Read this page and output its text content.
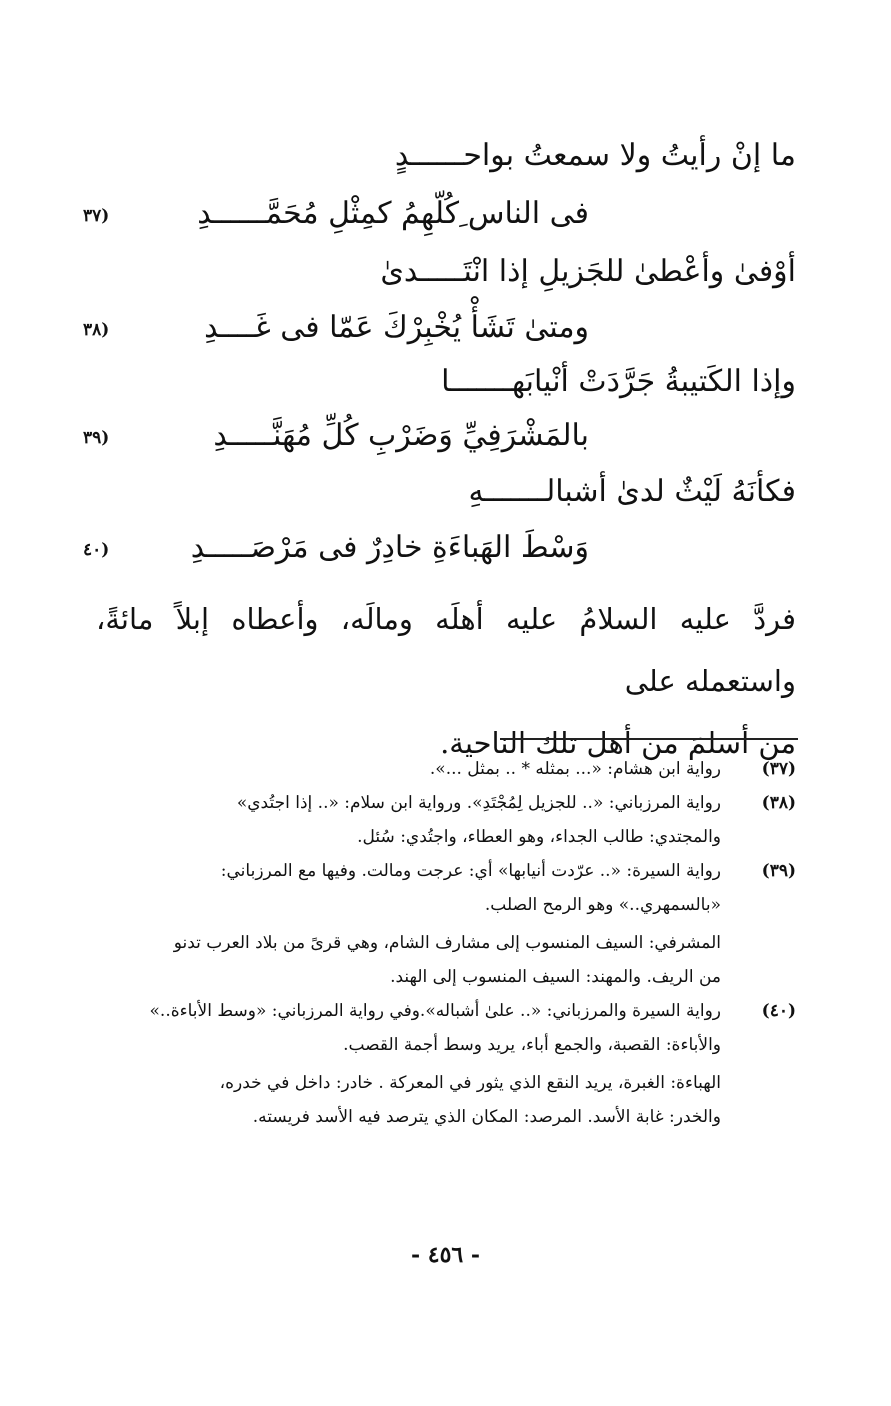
ما إنْ رأيتُ ولا سمعتُ بواحــــــدٍ
فى الناس ِكُلّهِمُ كمِثْلِ مُحَمَّــــــدِ
(٣٧
أوْفىٰ وأعْطىٰ للجَزيلِ إذا انْتَـــــدىٰ
ومتىٰ تَشَأْ يُخْبِرْكَ عَمّا فى غَــــدِ
(٣٨
وإذا الكَتيبةُ جَرَّدَتْ أنْيابَهـــــــا
بالمَشْرَفِيِّ وَضَرْبِ كُلِّ مُهَنَّـــــدِ
(٣٩
فكأنَهُ لَيْثٌ لدىٰ أشبالـــــــهِ
وَسْطَ الهَباءَةِ خادِرٌ فى مَرْصَـــــدِ
(٤٠

فردَّ عليه السلامُ عليه أهلَه ومالَه، وأعطاه إبلاً مائةً، واستعمله على

من أسلمَ من أهل تلك الناحية.

(٣٧)
رواية ابن هشام: «... بمثله * .. بمثل ...».
(٣٨)
رواية المرزباني: «.. للجزيل لِمُجْتَدِ». ورواية ابن سلام: «.. إذا اجتُدي»
والمجتدي: طالب الجداء، وهو العطاء، واجتُدي: سُئل.
(٣٩)
رواية السيرة: «.. عرّدت أنيابها» أي: عرجت ومالت. وفيها مع المرزباني:
«بالسمهري..» وهو الرمح الصلب.
المشرفي: السيف المنسوب إلى مشارف الشام، وهي قرىً من بلاد العرب تدنو
من الريف. والمهند: السيف المنسوب إلى الهند.
(٤٠)
رواية السيرة والمرزباني: «.. علىٰ أشباله».وفي رواية المرزباني: «وسط الأباءة..»
والأباءة: القصبة، والجمع أباء، يريد وسط أجمة القصب.
الهباءة: الغبرة، يريد النقع الذي يثور في المعركة . خادر: داخل في خدره،
والخدر: غابة الأسد. المرصد: المكان الذي يترصد فيه الأسد فريسته.
- ٤٥٦ -
